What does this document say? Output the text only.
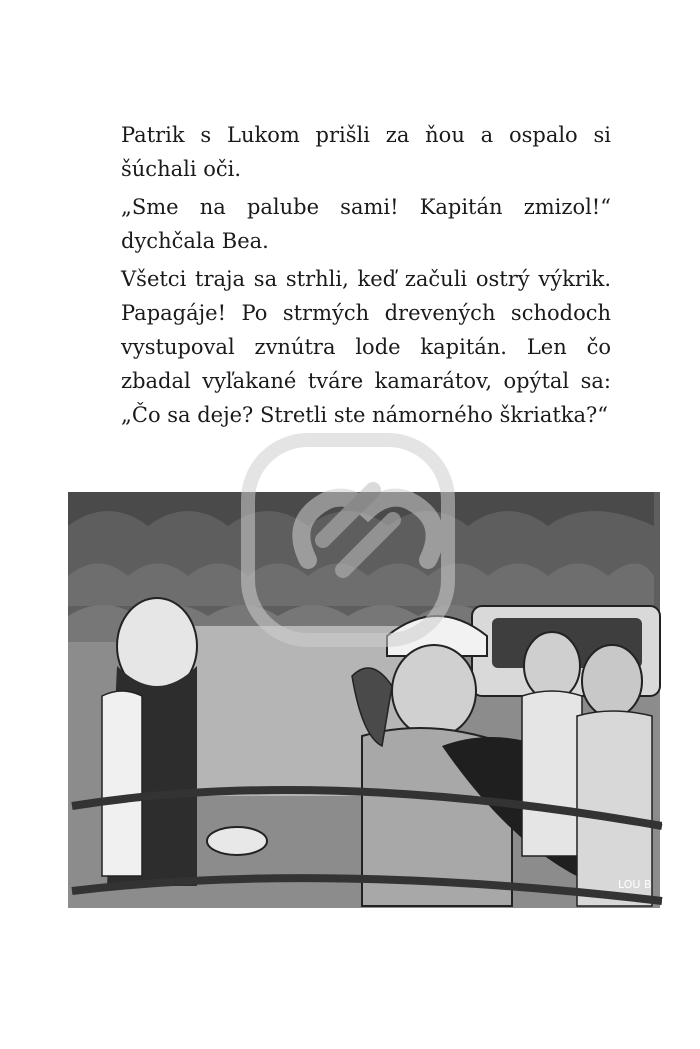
Patrik s Lukom prišli za ňou a ospalo si šúchali oči.

„Sme na palube sami! Kapitán zmizol!“ dychčala Bea.

Všetci traja sa strhli, keď začuli ostrý výkrik. Papagáje! Po strmých drevených schodoch vystupoval zvnútra lode kapitán. Len čo zbadal vyľakané tváre kamarátov, opýtal sa: „Čo sa deje? Stretli ste námorného škriatka?“

LOU B
